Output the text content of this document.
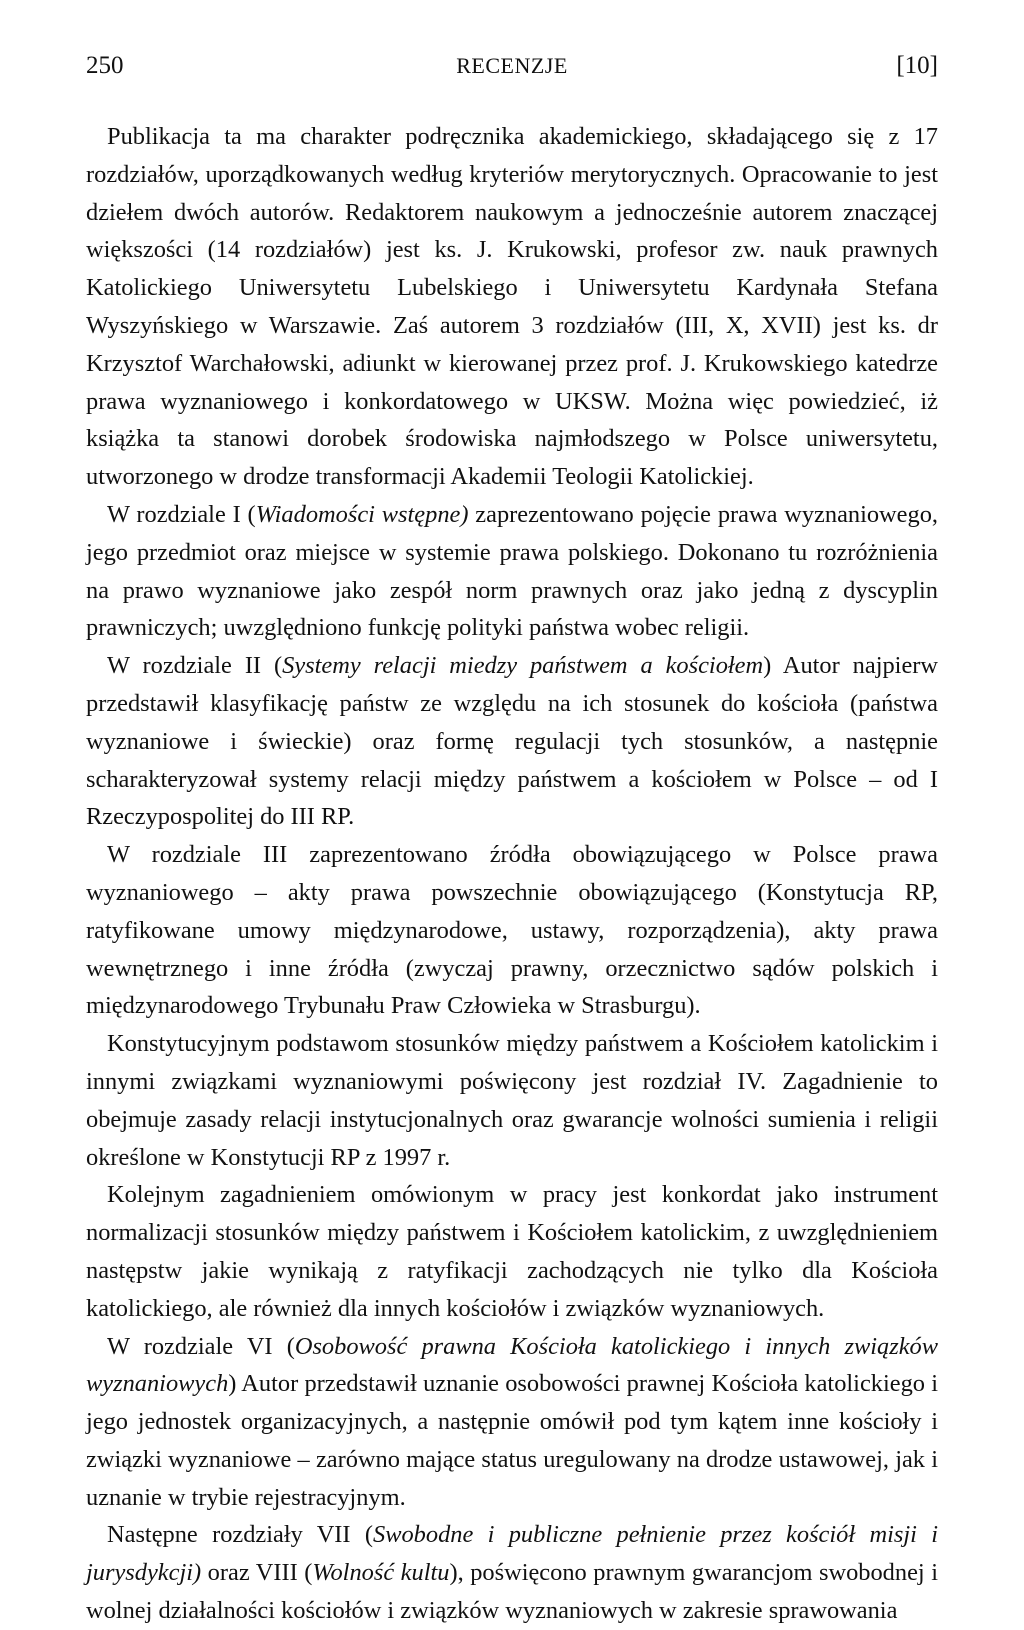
250	RECENZJE	[10]

Publikacja ta ma charakter podręcznika akademickiego, składającego się z 17 rozdziałów, uporządkowanych według kryteriów merytorycznych. Opracowanie to jest dziełem dwóch autorów. Redaktorem naukowym a jednocześnie autorem znaczącej większości (14 rozdziałów) jest ks. J. Krukowski, profesor zw. nauk prawnych Katolickiego Uniwersytetu Lubelskiego i Uniwersytetu Kardynała Stefana Wyszyńskiego w Warszawie. Zaś autorem 3 rozdziałów (III, X, XVII) jest ks. dr Krzysztof Warchałowski, adiunkt w kierowanej przez prof. J. Krukowskiego katedrze prawa wyznaniowego i konkordatowego w UKSW. Można więc powiedzieć, iż książka ta stanowi dorobek środowiska najmłodszego w Polsce uniwersytetu, utworzonego w drodze transformacji Akademii Teologii Katolickiej.

W rozdziale I (Wiadomości wstępne) zaprezentowano pojęcie prawa wyznaniowego, jego przedmiot oraz miejsce w systemie prawa polskiego. Dokonano tu rozróżnienia na prawo wyznaniowe jako zespół norm prawnych oraz jako jedną z dyscyplin prawniczych; uwzględniono funkcję polityki państwa wobec religii.

W rozdziale II (Systemy relacji miedzy państwem a kościołem) Autor najpierw przedstawił klasyfikację państw ze względu na ich stosunek do kościoła (państwa wyznaniowe i świeckie) oraz formę regulacji tych stosunków, a następnie scharakteryzował systemy relacji między państwem a kościołem w Polsce – od I Rzeczypospolitej do III RP.

W rozdziale III zaprezentowano źródła obowiązującego w Polsce prawa wyznaniowego – akty prawa powszechnie obowiązującego (Konstytucja RP, ratyfikowane umowy międzynarodowe, ustawy, rozporządzenia), akty prawa wewnętrznego i inne źródła (zwyczaj prawny, orzecznictwo sądów polskich i międzynarodowego Trybunału Praw Człowieka w Strasburgu).

Konstytucyjnym podstawom stosunków między państwem a Kościołem katolickim i innymi związkami wyznaniowymi poświęcony jest rozdział IV. Zagadnienie to obejmuje zasady relacji instytucjonalnych oraz gwarancje wolności sumienia i religii określone w Konstytucji RP z 1997 r.

Kolejnym zagadnieniem omówionym w pracy jest konkordat jako instrument normalizacji stosunków między państwem i Kościołem katolickim, z uwzględnieniem następstw jakie wynikają z ratyfikacji zachodzących nie tylko dla Kościoła katolickiego, ale również dla innych kościołów i związków wyznaniowych.

W rozdziale VI (Osobowość prawna Kościoła katolickiego i innych związków wyznaniowych) Autor przedstawił uznanie osobowości prawnej Kościoła katolickiego i jego jednostek organizacyjnych, a następnie omówił pod tym kątem inne kościoły i związki wyznaniowe – zarówno mające status uregulowany na drodze ustawowej, jak i uznanie w trybie rejestracyjnym.

Następne rozdziały VII (Swobodne i publiczne pełnienie przez kościół misji i jurysdykcji) oraz VIII (Wolność kultu), poświęcono prawnym gwarancjom swobodnej i wolnej działalności kościołów i związków wyznaniowych w zakresie sprawowania
